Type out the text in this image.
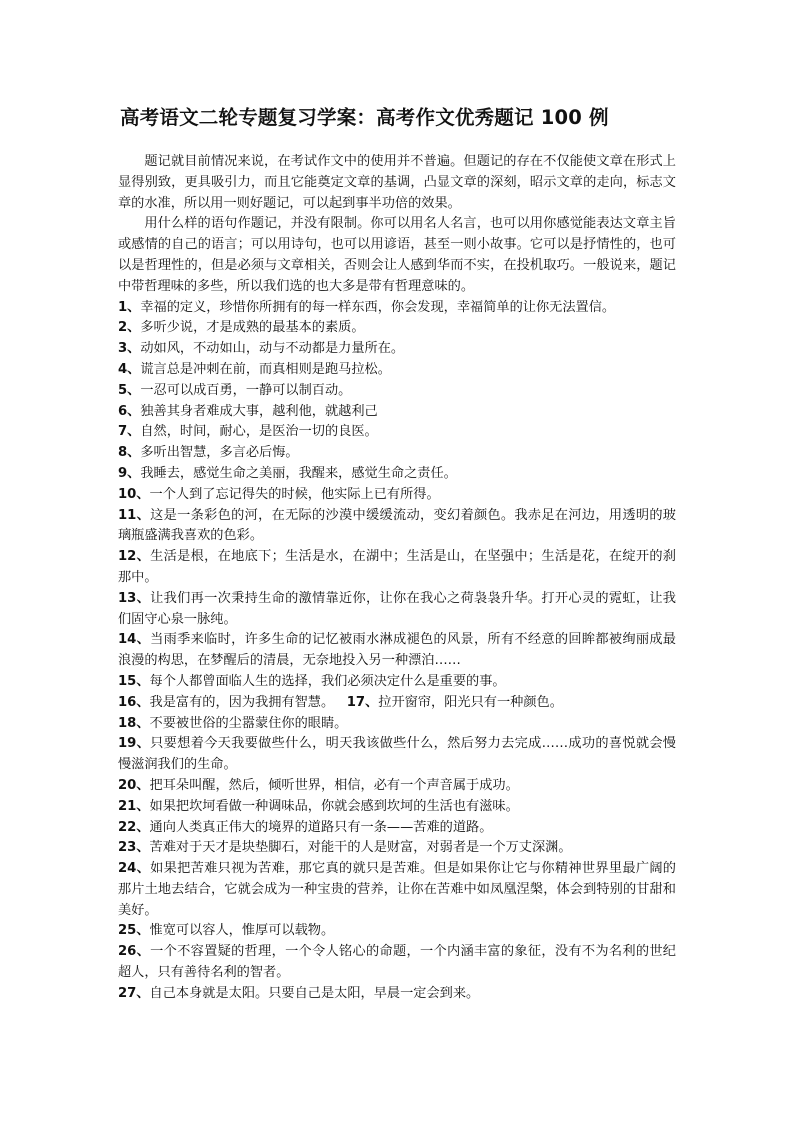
高考语文二轮专题复习学案：高考作文优秀题记 100 例

题记就目前情况来说，在考试作文中的使用并不普遍。但题记的存在不仅能使文章在形式上显得别致，更具吸引力，而且它能奠定文章的基调，凸显文章的深刻，昭示文章的走向，标志文章的水准，所以用一则好题记，可以起到事半功倍的效果。

用什么样的语句作题记，并没有限制。你可以用名人名言，也可以用你感觉能表达文章主旨或感情的自己的语言；可以用诗句，也可以用谚语，甚至一则小故事。它可以是抒情性的，也可以是哲理性的，但是必须与文章相关，否则会让人感到华而不实，在投机取巧。一般说来，题记中带哲理味的多些，所以我们选的也大多是带有哲理意味的。

1、幸福的定义，珍惜你所拥有的每一样东西，你会发现，幸福简单的让你无法置信。
2、多听少说，才是成熟的最基本的素质。
3、动如风，不动如山，动与不动都是力量所在。
4、谎言总是冲刺在前，而真相则是跑马拉松。
5、一忍可以成百勇，一静可以制百动。
6、独善其身者难成大事，越利他，就越利己
7、自然，时间，耐心，是医治一切的良医。
8、多听出智慧，多言必后悔。
9、我睡去，感觉生命之美丽，我醒来，感觉生命之责任。
10、一个人到了忘记得失的时候，他实际上已有所得。
11、这是一条彩色的河，在无际的沙漠中缓缓流动，变幻着颜色。我赤足在河边，用透明的玻璃瓶盛满我喜欢的色彩。
12、生活是根，在地底下；生活是水，在湖中；生活是山，在坚强中；生活是花，在绽开的刹那中。
13、让我们再一次秉持生命的激情靠近你，让你在我心之荷袅袅升华。打开心灵的霓虹，让我们固守心泉一脉纯。
14、当雨季来临时，许多生命的记忆被雨水淋成褪色的风景，所有不经意的回眸都被绚丽成最浪漫的构思，在梦醒后的清晨，无奈地投入另一种漂泊……
15、每个人都曾面临人生的选择，我们必须决定什么是重要的事。
16、我是富有的，因为我拥有智慧。 17、拉开窗帘，阳光只有一种颜色。
18、不要被世俗的尘嚣蒙住你的眼睛。
19、只要想着今天我要做些什么，明天我该做些什么，然后努力去完成……成功的喜悦就会慢慢滋润我们的生命。
20、把耳朵叫醒，然后，倾听世界，相信，必有一个声音属于成功。
21、如果把坎坷看做一种调味品，你就会感到坎坷的生活也有滋味。
22、通向人类真正伟大的境界的道路只有一条——苦难的道路。
23、苦难对于天才是块垫脚石，对能干的人是财富，对弱者是一个万丈深渊。
24、如果把苦难只视为苦难，那它真的就只是苦难。但是如果你让它与你精神世界里最广阔的那片土地去结合，它就会成为一种宝贵的营养，让你在苦难中如凤凰涅槃，体会到特别的甘甜和美好。
25、惟宽可以容人，惟厚可以载物。
26、一个不容置疑的哲理，一个令人铭心的命题，一个内涵丰富的象征，没有不为名利的世纪超人，只有善待名利的智者。
27、自己本身就是太阳。只要自己是太阳，早晨一定会到来。
